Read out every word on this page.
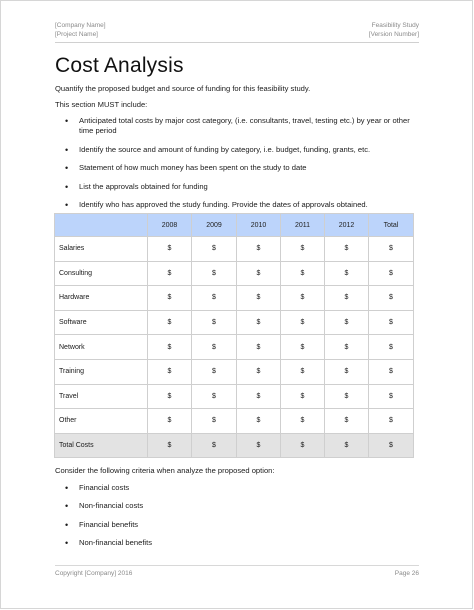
[Company Name]
[Project Name]
Feasibility Study
[Version Number]
Cost Analysis
Quantify the proposed budget and source of funding for this feasibility study.
This section MUST include:
• Anticipated total costs by major cost category, (i.e. consultants, travel, testing etc.) by year or other time period
• Identify the source and amount of funding by category, i.e. budget, funding, grants, etc.
• Statement of how much money has been spent on the study to date
• List the approvals obtained for funding
• Identify who has approved the study funding. Provide the dates of approvals obtained.
	2008	2009	2010	2011	2012	Total
Salaries	$	$	$	$	$	$
Consulting	$	$	$	$	$	$
Hardware	$	$	$	$	$	$
Software	$	$	$	$	$	$
Network	$	$	$	$	$	$
Training	$	$	$	$	$	$
Travel	$	$	$	$	$	$
Other	$	$	$	$	$	$
Total Costs	$	$	$	$	$	$
Consider the following criteria when analyze the proposed option:
• Financial costs
• Non-financial costs
• Financial benefits
• Non-financial benefits
Copyright [Company] 2016	Page 26
